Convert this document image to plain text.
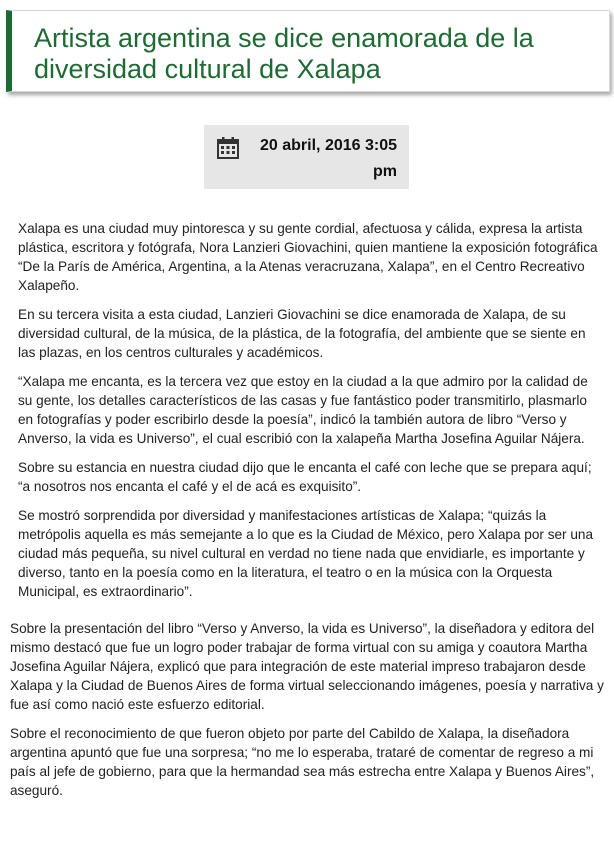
Artista argentina se dice enamorada de la diversidad cultural de Xalapa
20 abril, 2016 3:05 pm

Xalapa es una ciudad muy pintoresca y su gente cordial, afectuosa y cálida, expresa la artista plástica, escritora y fotógrafa, Nora Lanzieri Giovachini, quien mantiene la exposición fotográfica “De la París de América, Argentina, a la Atenas veracruzana, Xalapa”, en el Centro Recreativo Xalapeño.

En su tercera visita a esta ciudad, Lanzieri Giovachini se dice enamorada de Xalapa, de su diversidad cultural, de la música, de la plástica, de la fotografía, del ambiente que se siente en las plazas, en los centros culturales y académicos.

“Xalapa me encanta, es la tercera vez que estoy en la ciudad a la que admiro por la calidad de su gente, los detalles característicos de las casas y fue fantástico poder transmitirlo, plasmarlo en fotografías y poder escribirlo desde la poesía”, indicó la también autora de libro “Verso y Anverso, la vida es Universo”, el cual escribió con la xalapeña Martha Josefina Aguilar Nájera.

Sobre su estancia en nuestra ciudad dijo que le encanta el café con leche que se prepara aquí; “a nosotros nos encanta el café y el de acá es exquisito”.

Se mostró sorprendida por diversidad y manifestaciones artísticas de Xalapa; “quizás la metrópolis aquella es más semejante a lo que es la Ciudad de México, pero Xalapa por ser una ciudad más pequeña, su nivel cultural en verdad no tiene nada que envidiarle, es importante y diverso, tanto en la poesía como en la literatura, el teatro o en la música con la Orquesta Municipal, es extraordinario”.

Sobre la presentación del libro “Verso y Anverso, la vida es Universo”, la diseñadora y editora del mismo destacó que fue un logro poder trabajar de forma virtual con su amiga y coautora Martha Josefina Aguilar Nájera, explicó que para integración de este material impreso trabajaron desde Xalapa y la Ciudad de Buenos Aires de forma virtual seleccionando imágenes, poesía y narrativa y fue así como nació este esfuerzo editorial.

Sobre el reconocimiento de que fueron objeto por parte del Cabildo de Xalapa, la diseñadora argentina apuntó que fue una sorpresa; “no me lo esperaba, trataré de comentar de regreso a mi país al jefe de gobierno, para que la hermandad sea más estrecha entre Xalapa y Buenos Aires”, aseguró.
